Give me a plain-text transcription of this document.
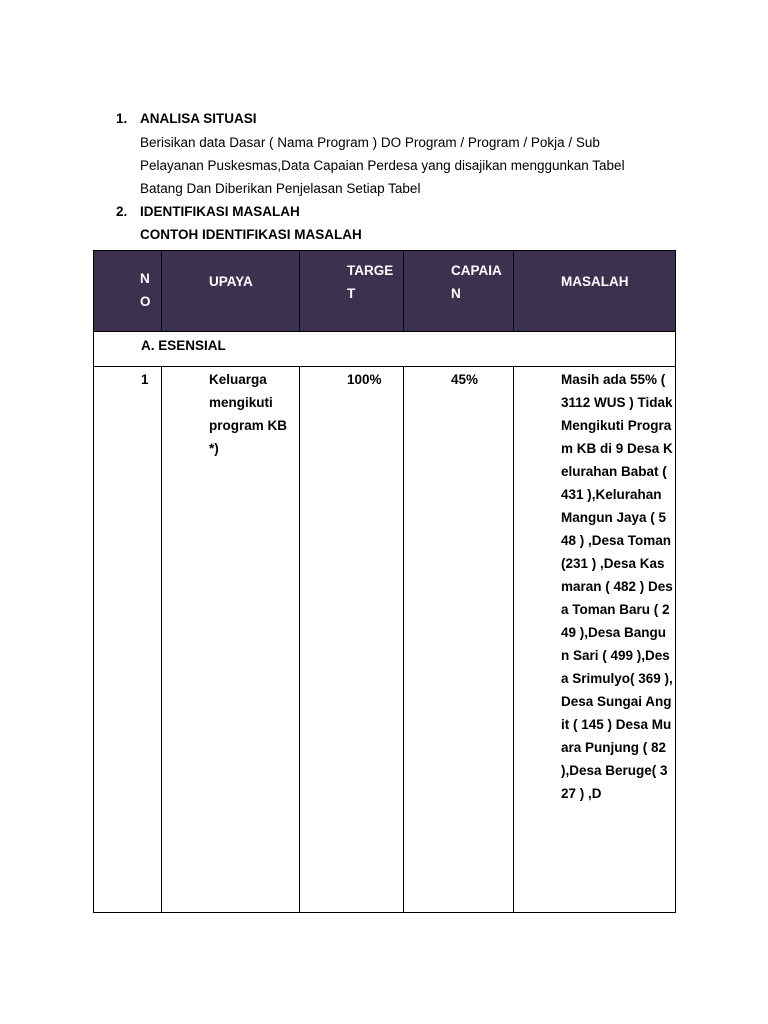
1. ANALISA SITUASI
Berisikan data Dasar ( Nama Program ) DO Program / Program / Pokja / Sub
Pelayanan Puskesmas,Data Capaian Perdesa yang disajikan menggunkan Tabel
Batang Dan Diberikan Penjelasan Setiap Tabel
2. IDENTIFIKASI MASALAH
CONTOH IDENTIFIKASI MASALAH
NO	UPAYA	TARGET	CAPAIAN	MASALAH

A. ESENSIAL				

1	Keluarga mengikuti program KB *)	100%	45%	Masih ada 55% ( 3112 WUS ) Tidak Mengikuti Program KB di 9 Desa Kelurahan Babat ( 431 ),Kelurahan Mangun Jaya ( 548 ) ,Desa Toman (231 ) ,Desa Kasmaran ( 482 ) Desa Toman Baru ( 249 ),Desa Bangun Sari ( 499 ),Desa Srimulyo( 369 ), Desa Sungai Angit ( 145 ) Desa Muara Punjung ( 82 ),Desa Beruge( 327 ) ,D
